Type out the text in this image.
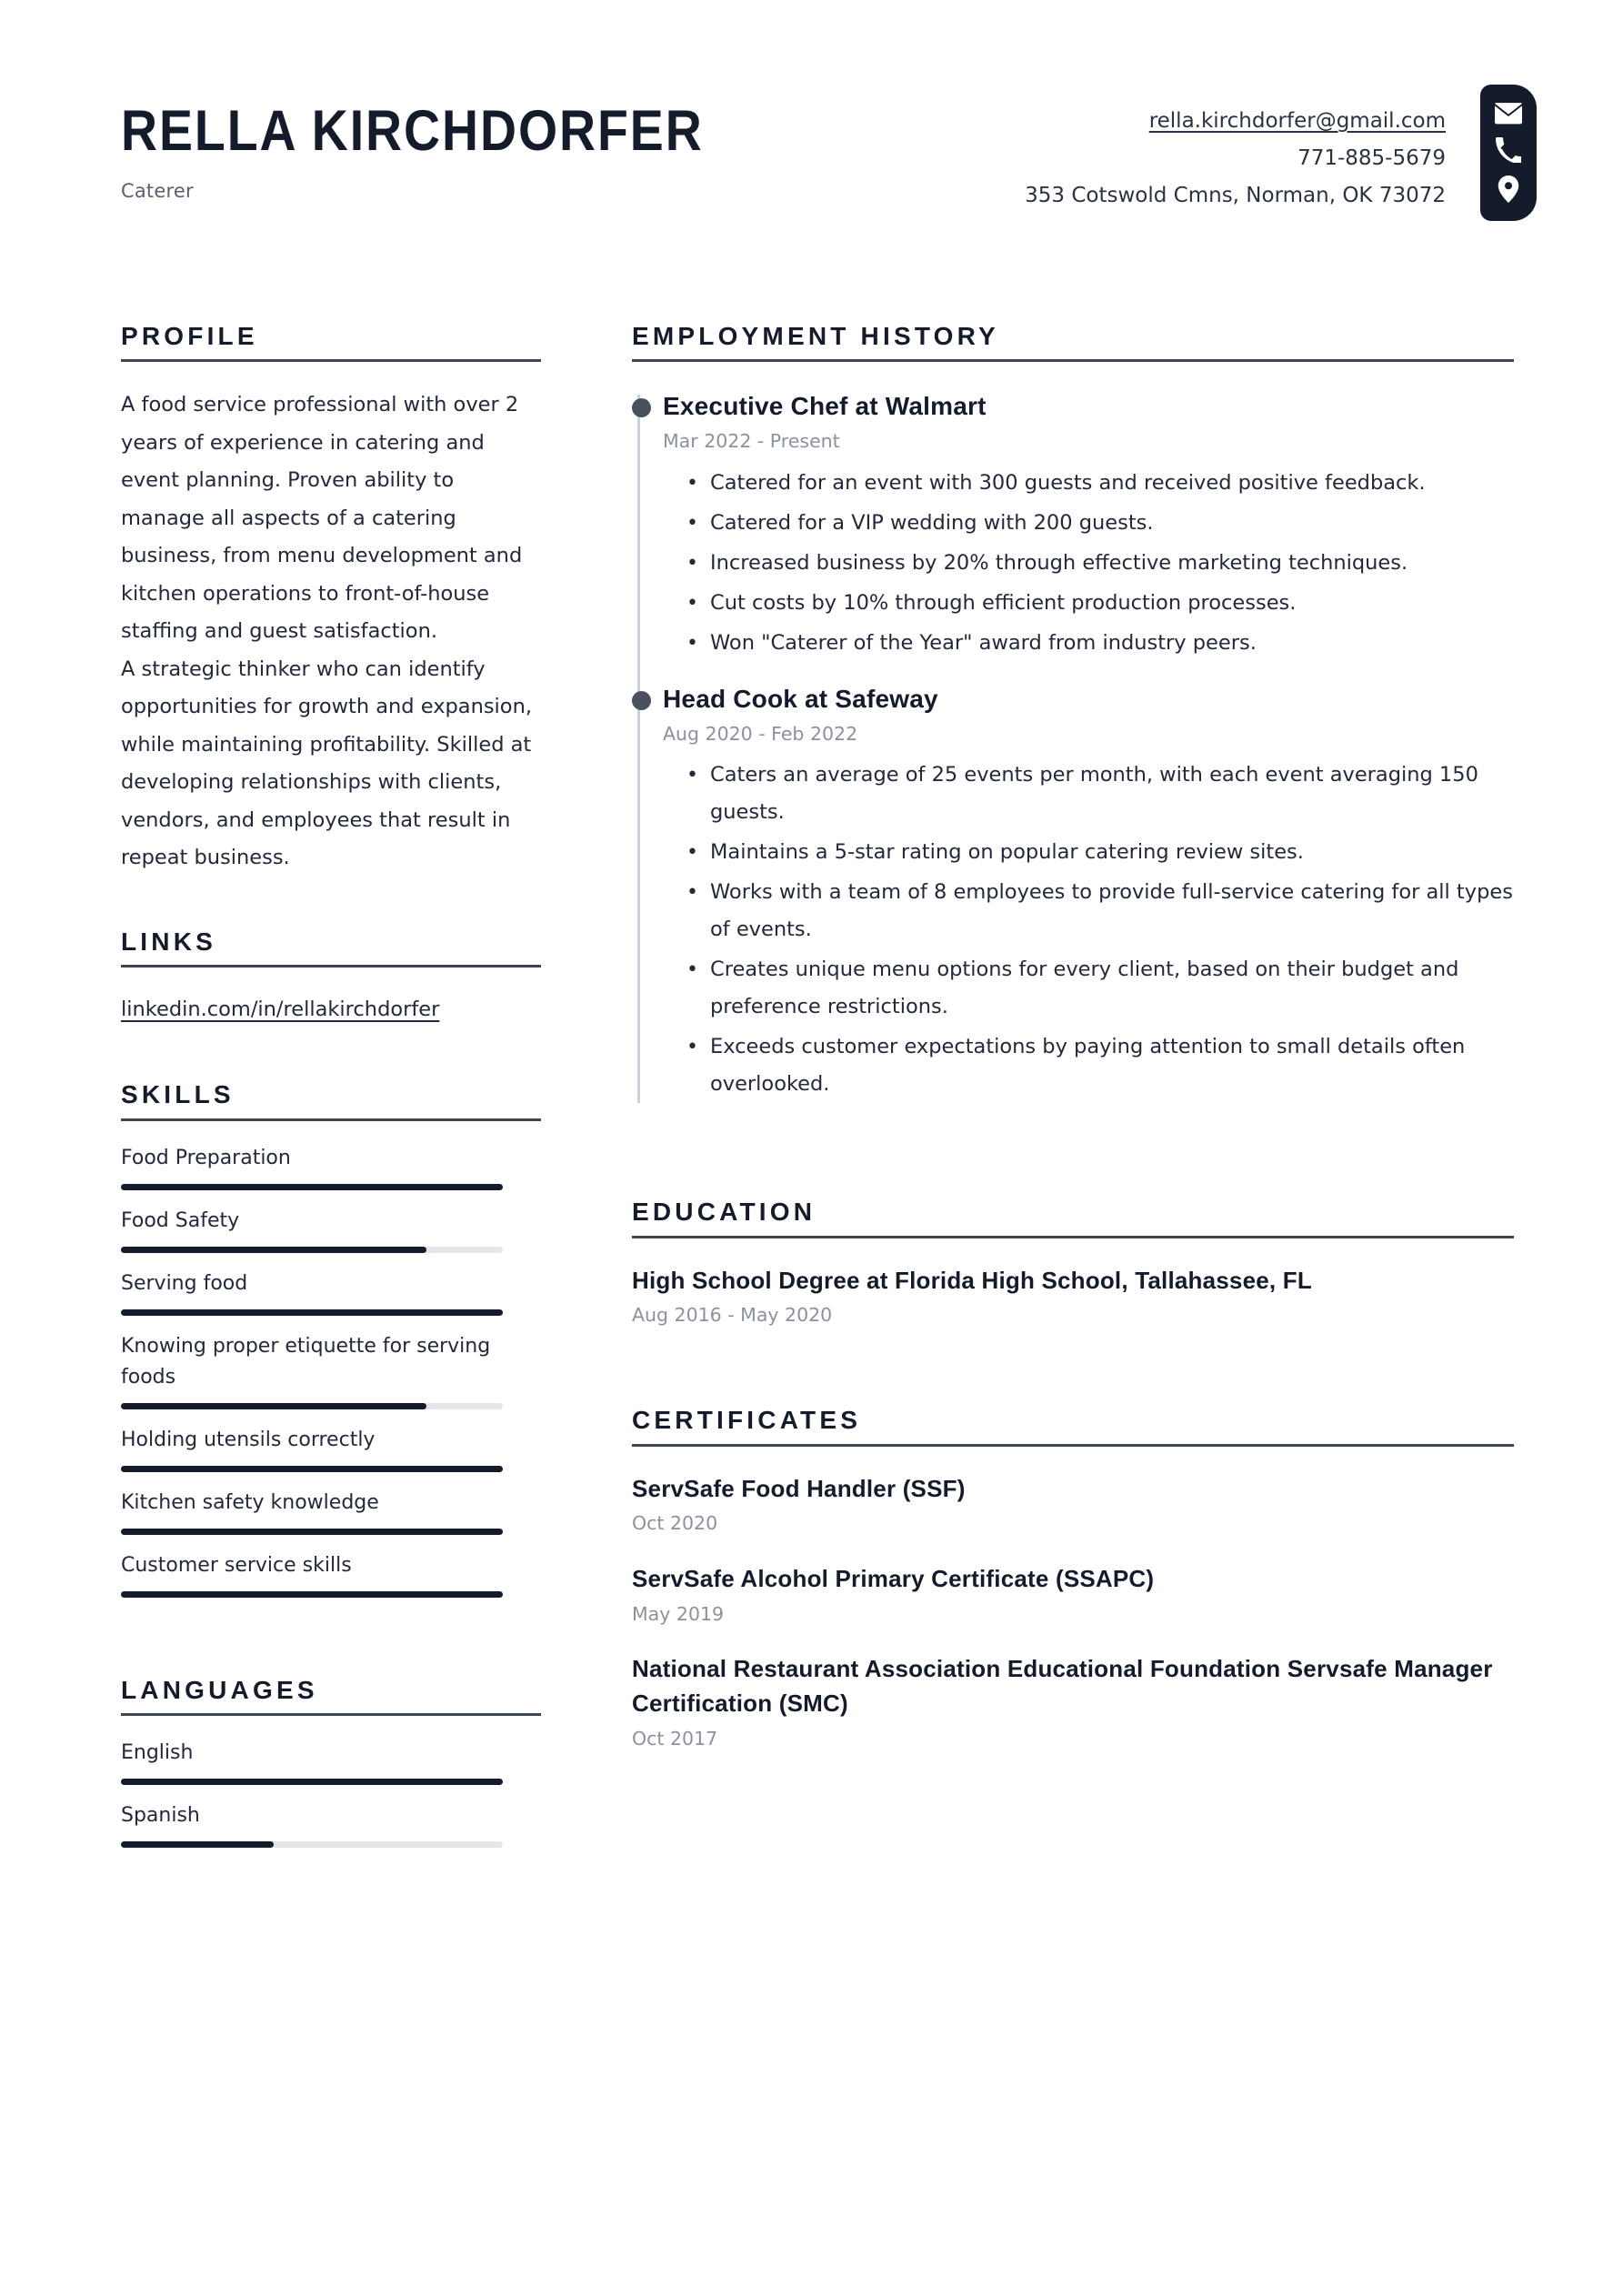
RELLA KIRCHDORFER
Caterer
rella.kirchdorfer@gmail.com
771-885-5679
353 Cotswold Cmns, Norman, OK 73072
PROFILE

A food service professional with over 2 years of experience in catering and event planning. Proven ability to manage all aspects of a catering business, from menu development and kitchen operations to front-of-house staffing and guest satisfaction.

A strategic thinker who can identify opportunities for growth and expansion, while maintaining profitability. Skilled at developing relationships with clients, vendors, and employees that result in repeat business.

LINKS
linkedin.com/in/rellakirchdorfer
SKILLS
Food Preparation
Food Safety
Serving food
Knowing proper etiquette for serving foods
Holding utensils correctly
Kitchen safety knowledge
Customer service skills
LANGUAGES
English
Spanish
EMPLOYMENT HISTORY
Executive Chef at Walmart
Mar 2022 - Present
• Catered for an event with 300 guests and received positive feedback.
• Catered for a VIP wedding with 200 guests.
• Increased business by 20% through effective marketing techniques.
• Cut costs by 10% through efficient production processes.
• Won "Caterer of the Year" award from industry peers.
Head Cook at Safeway
Aug 2020 - Feb 2022
• Caters an average of 25 events per month, with each event averaging 150 guests.
• Maintains a 5-star rating on popular catering review sites.
• Works with a team of 8 employees to provide full-service catering for all types of events.
• Creates unique menu options for every client, based on their budget and preference restrictions.
• Exceeds customer expectations by paying attention to small details often overlooked.
EDUCATION
High School Degree at Florida High School, Tallahassee, FL
Aug 2016 - May 2020
CERTIFICATES
ServSafe Food Handler (SSF)
Oct 2020
ServSafe Alcohol Primary Certificate (SSAPC)
May 2019
National Restaurant Association Educational Foundation Servsafe Manager Certification (SMC)
Oct 2017
